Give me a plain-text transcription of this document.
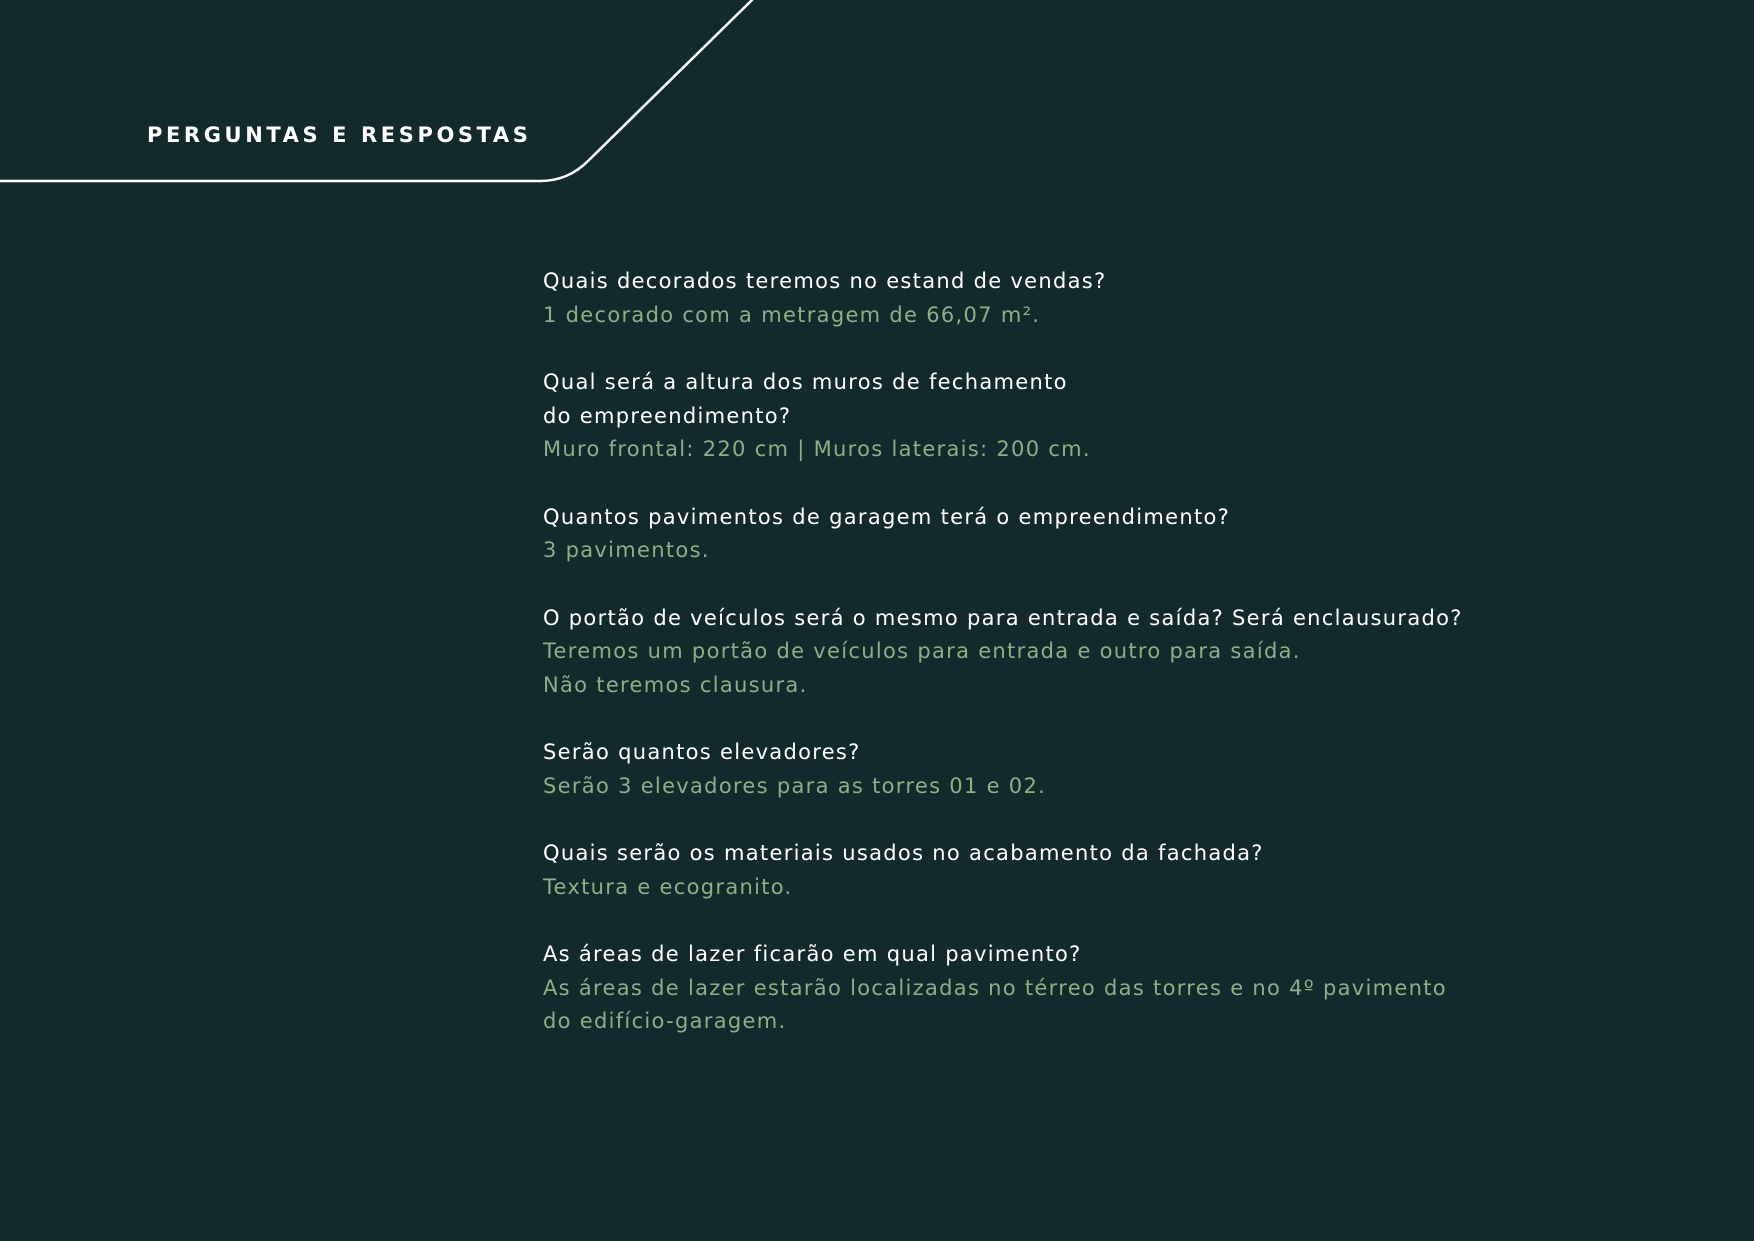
PERGUNTAS E RESPOSTAS
Quais decorados teremos no estand de vendas?
1 decorado com a metragem de 66,07 m².
Qual será a altura dos muros de fechamento
do empreendimento?
Muro frontal: 220 cm | Muros laterais: 200 cm.
Quantos pavimentos de garagem terá o empreendimento?
3 pavimentos.
O portão de veículos será o mesmo para entrada e saída? Será enclausurado?
Teremos um portão de veículos para entrada e outro para saída.
Não teremos clausura.
Serão quantos elevadores?
Serão 3 elevadores para as torres 01 e 02.
Quais serão os materiais usados no acabamento da fachada?
Textura e ecogranito.
As áreas de lazer ficarão em qual pavimento?
As áreas de lazer estarão localizadas no térreo das torres e no 4º pavimento
do edifício-garagem.
